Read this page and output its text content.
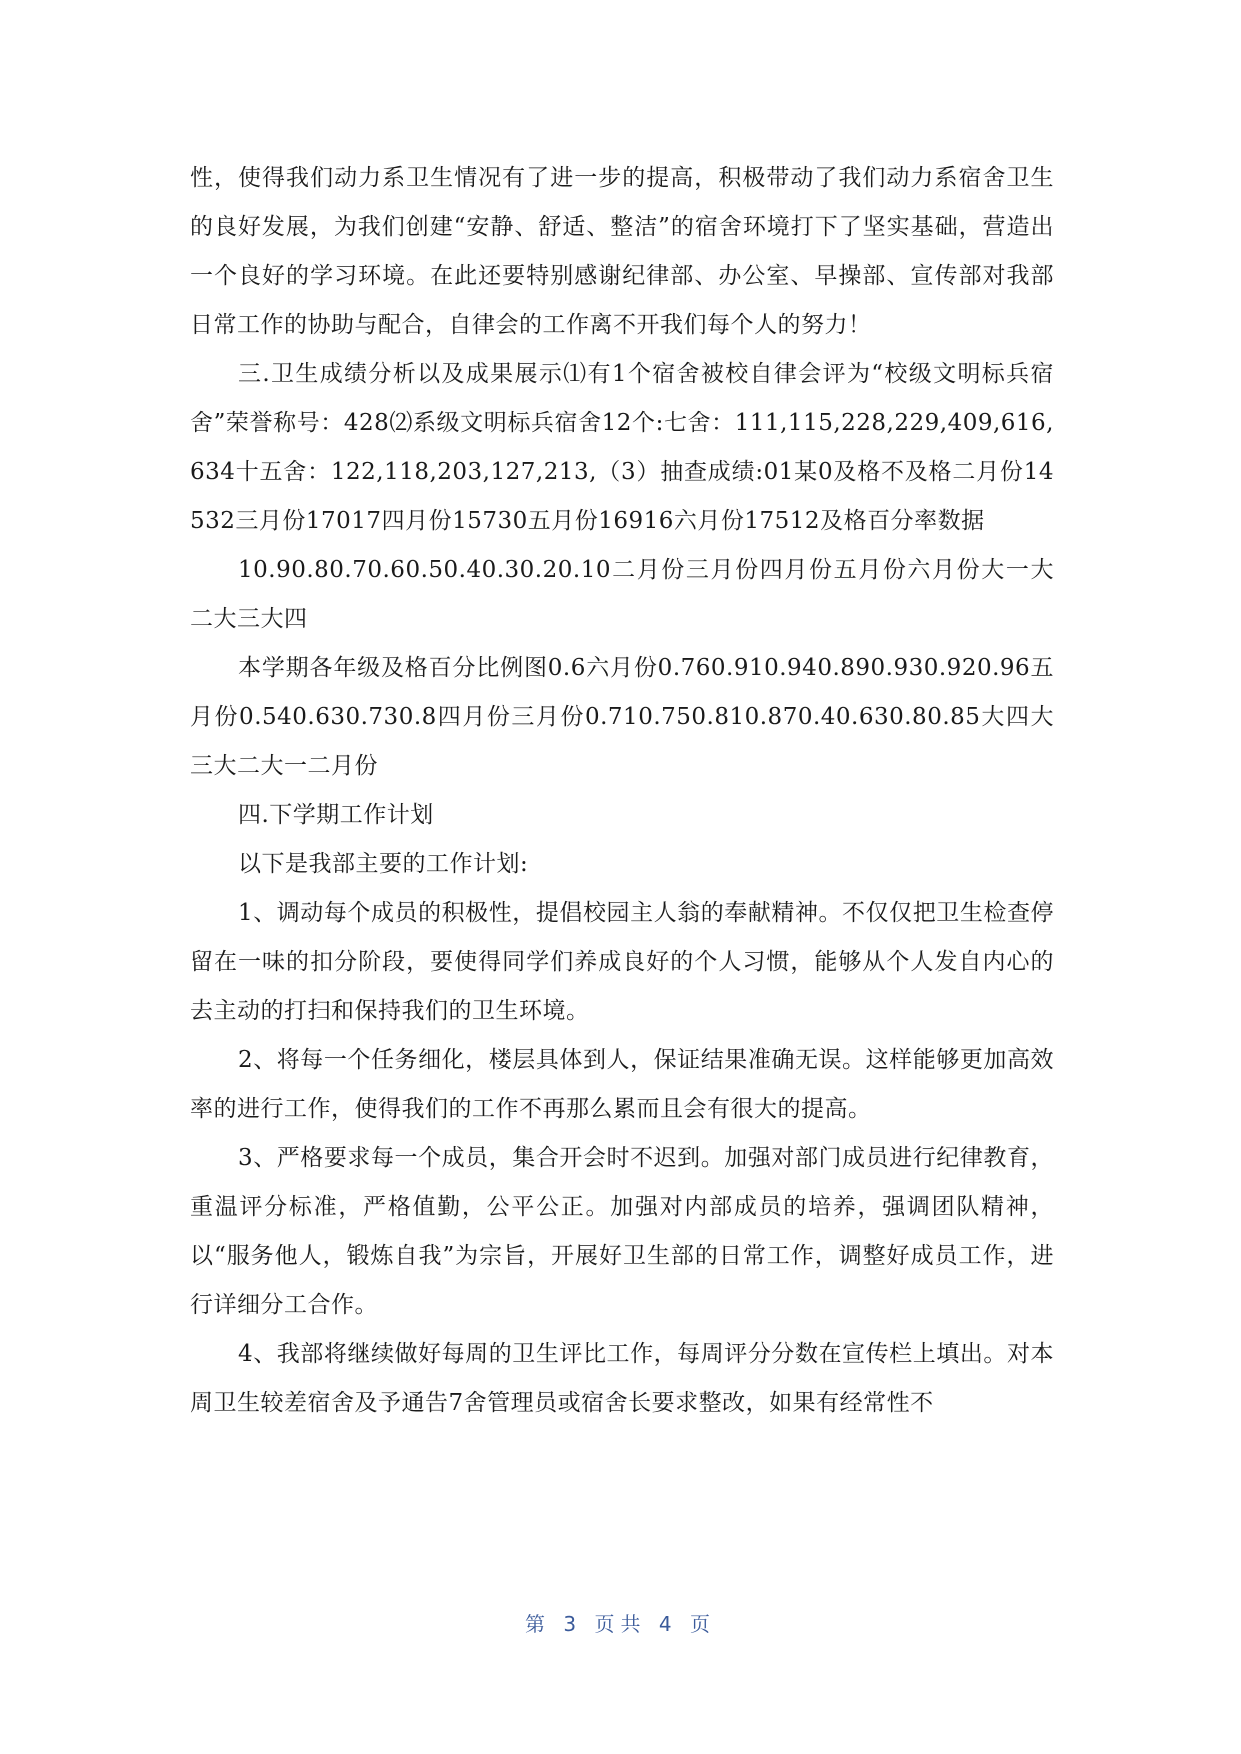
性，使得我们动力系卫生情况有了进一步的提高，积极带动了我们动力系宿舍卫生的良好发展，为我们创建“安静、舒适、整洁”的宿舍环境打下了坚实基础，营造出一个良好的学习环境。在此还要特别感谢纪律部、办公室、早操部、宣传部对我部日常工作的协助与配合，自律会的工作离不开我们每个人的努力！

三.卫生成绩分析以及成果展示⑴有1个宿舍被校自律会评为“校级文明标兵宿舍”荣誉称号：428⑵系级文明标兵宿舍12个:七舍：111,115,228,229,409,616,634十五舍：122,118,203,127,213,（3）抽查成绩:01某0及格不及格二月份14532三月份17017四月份15730五月份16916六月份17512及格百分率数据

10.90.80.70.60.50.40.30.20.10二月份三月份四月份五月份六月份大一大二大三大四

本学期各年级及格百分比例图0.6六月份0.760.910.940.890.930.920.96五月份0.540.630.730.8四月份三月份0.710.750.810.870.40.630.80.85大四大三大二大一二月份

四.下学期工作计划

以下是我部主要的工作计划:

1、调动每个成员的积极性，提倡校园主人翁的奉献精神。不仅仅把卫生检查停留在一味的扣分阶段，要使得同学们养成良好的个人习惯，能够从个人发自内心的去主动的打扫和保持我们的卫生环境。

2、将每一个任务细化，楼层具体到人，保证结果准确无误。这样能够更加高效率的进行工作，使得我们的工作不再那么累而且会有很大的提高。

3、严格要求每一个成员，集合开会时不迟到。加强对部门成员进行纪律教育，重温评分标准，严格值勤，公平公正。加强对内部成员的培养，强调团队精神，以“服务他人，锻炼自我”为宗旨，开展好卫生部的日常工作，调整好成员工作，进行详细分工合作。

4、我部将继续做好每周的卫生评比工作，每周评分分数在宣传栏上填出。对本周卫生较差宿舍及予通告7舍管理员或宿舍长要求整改，如果有经常性不

第 3 页共 4 页
